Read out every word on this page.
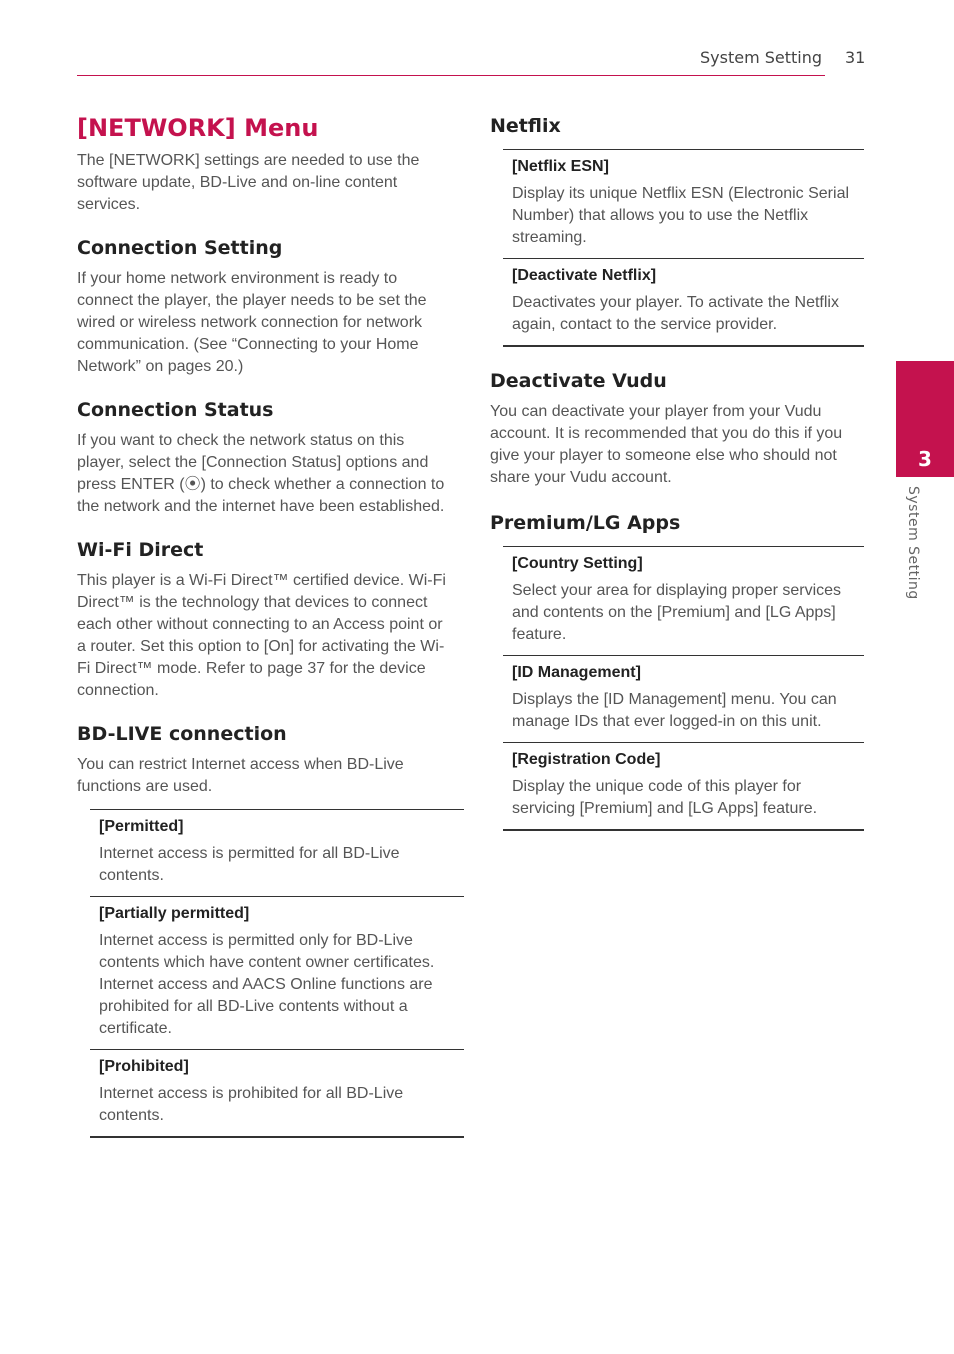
System Setting 31
3
System Setting
[NETWORK] Menu

The [NETWORK] settings are needed to use the software update, BD-Live and on-line content services.

Connection Setting

If your home network environment is ready to connect the player, the player needs to be set the wired or wireless network connection for network communication. (See “Connecting to your Home Network” on pages 20.)

Connection Status

If you want to check the network status on this player, select the [Connection Status] options and press ENTER (⦿) to check whether a connection to the network and the internet have been established.

Wi-Fi Direct

This player is a Wi-Fi Direct™ certified device. Wi-Fi Direct™ is the technology that devices to connect each other without connecting to an Access point or a router. Set this option to [On] for activating the Wi-Fi Direct™ mode. Refer to page 37 for the device connection.

BD-LIVE connection

You can restrict Internet access when BD-Live functions are used.

[Permitted]

Internet access is permitted for all BD-Live contents.

[Partially permitted]

Internet access is permitted only for BD-Live contents which have content owner certificates. Internet access and AACS Online functions are prohibited for all BD-Live contents without a certificate.

[Prohibited]

Internet access is prohibited for all BD-Live contents.

Netflix
[Netflix ESN]

Display its unique Netflix ESN (Electronic Serial Number) that allows you to use the Netflix streaming.

[Deactivate Netflix]

Deactivates your player. To activate the Netflix again, contact to the service provider.

Deactivate Vudu

You can deactivate your player from your Vudu account. It is recommended that you do this if you give your player to someone else who should not share your Vudu account.

Premium/LG Apps
[Country Setting]

Select your area for displaying proper services and contents on the [Premium] and [LG Apps] feature.

[ID Management]

Displays the [ID Management] menu. You can manage IDs that ever logged-in on this unit.

[Registration Code]

Display the unique code of this player for servicing [Premium] and [LG Apps] feature.
